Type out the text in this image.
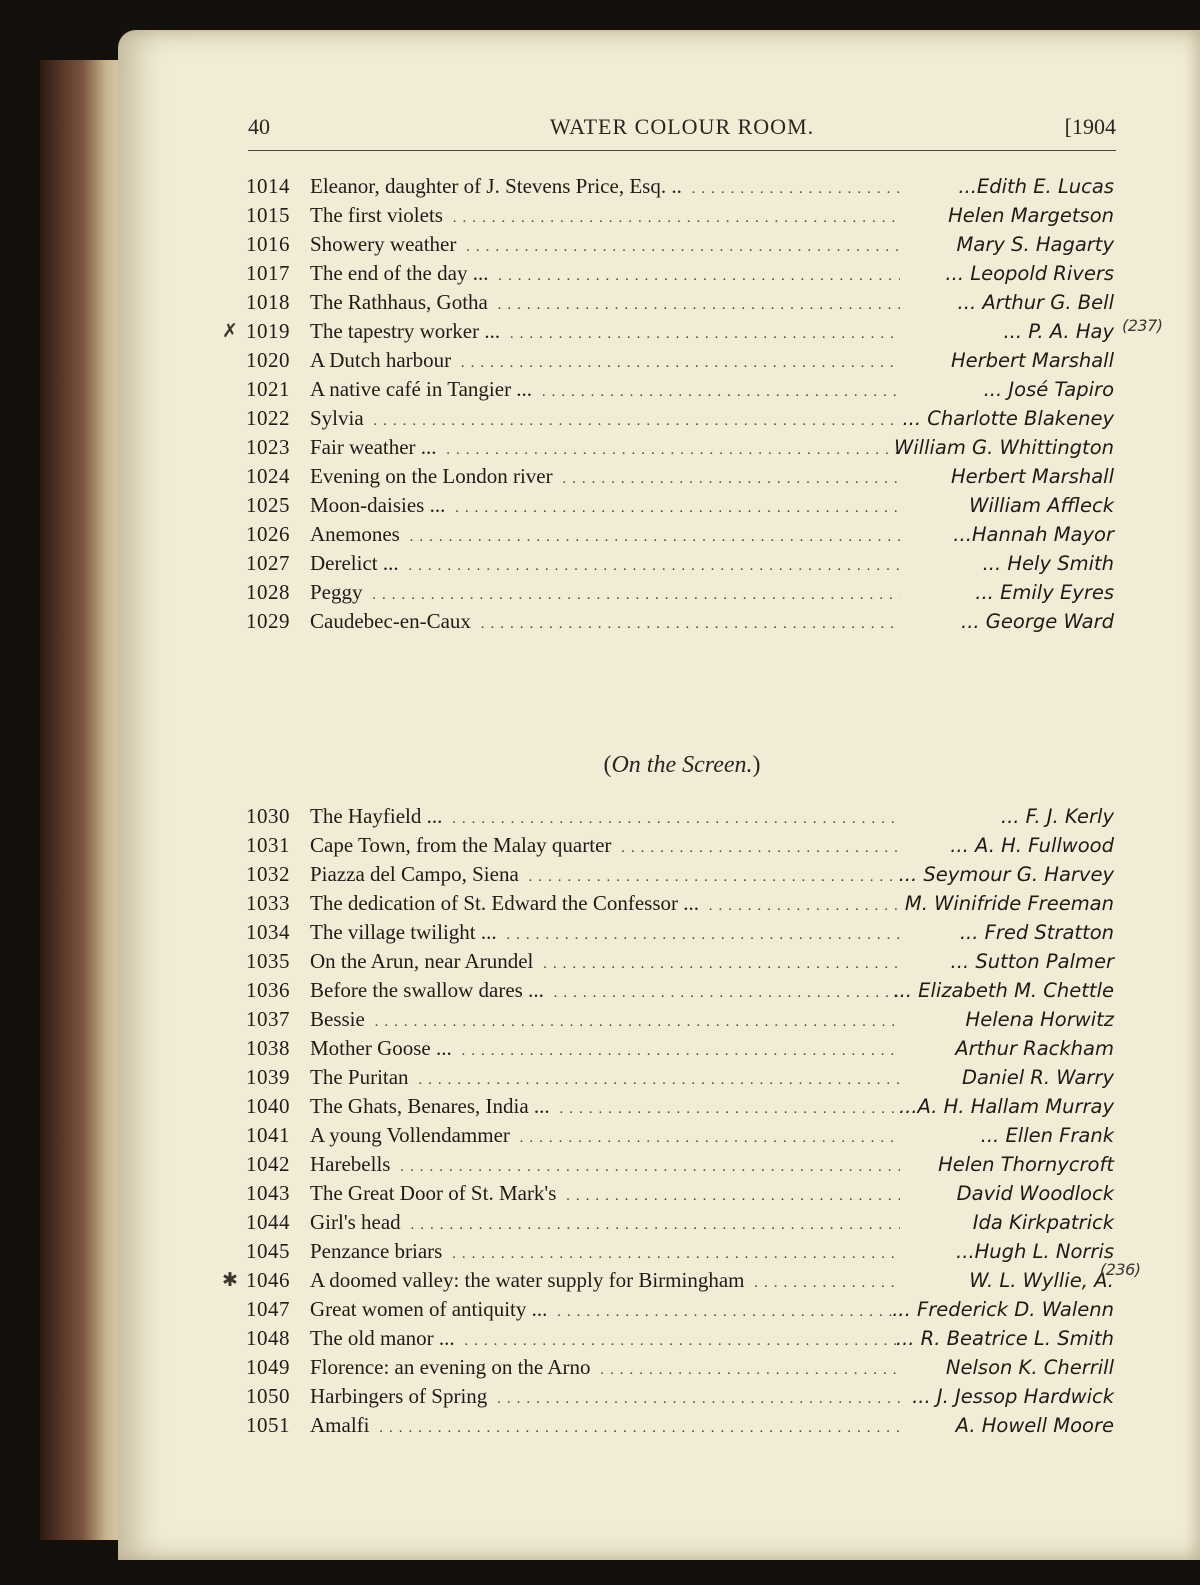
40	WATER COLOUR ROOM.	[1904
1014 Eleanor, daughter of J. Stevens Price, Esq. .. .....	...Edith E. Lucas
1015 The first violets .....	Helen Margetson
1016 Showery weather .....	Mary S. Hagarty
1017 The end of the day ... .....	... Leopold Rivers
1018 The Rathhaus, Gotha .....	... Arthur G. Bell
✗ 1019 The tapestry worker ... .....	... P. A. Hay
1020 A Dutch harbour .....	Herbert Marshall
1021 A native café in Tangier ... .....	... José Tapiro
1022 Sylvia .....	... Charlotte Blakeney
1023 Fair weather ... .....	William G. Whittington
1024 Evening on the London river .....	Herbert Marshall
1025 Moon-daisies ... .....	William Affleck
1026 Anemones .....	...Hannah Mayor
1027 Derelict ... .....	... Hely Smith
1028 Peggy .....	... Emily Eyres
1029 Caudebec-en-Caux .....	... George Ward
(On the Screen.)
1030 The Hayfield ... .....	... F. J. Kerly
1031 Cape Town, from the Malay quarter .....	... A. H. Fullwood
1032 Piazza del Campo, Siena .....	... Seymour G. Harvey
1033 The dedication of St. Edward the Confessor ... .....	M. Winifride Freeman
1034 The village twilight ... .....	... Fred Stratton
1035 On the Arun, near Arundel .....	... Sutton Palmer
1036 Before the swallow dares ... .....	... Elizabeth M. Chettle
1037 Bessie .....	Helena Horwitz
1038 Mother Goose ... .....	Arthur Rackham
1039 The Puritan .....	Daniel R. Warry
1040 The Ghats, Benares, India ... .....	...A. H. Hallam Murray
1041 A young Vollendammer .....	... Ellen Frank
1042 Harebells .....	Helen Thornycroft
1043 The Great Door of St. Mark's .....	David Woodlock
1044 Girl's head .....	Ida Kirkpatrick
1045 Penzance briars .....	...Hugh L. Norris
✱ 1046 A doomed valley: the water supply for Birmingham .....	W. L. Wyllie, A.
1047 Great women of antiquity ... .....	... Frederick D. Walenn
1048 The old manor ... .....	... R. Beatrice L. Smith
1049 Florence: an evening on the Arno .....	Nelson K. Cherrill
1050 Harbingers of Spring .....	... J. Jessop Hardwick
1051 Amalfi .....	A. Howell Moore
(237)
(236)
